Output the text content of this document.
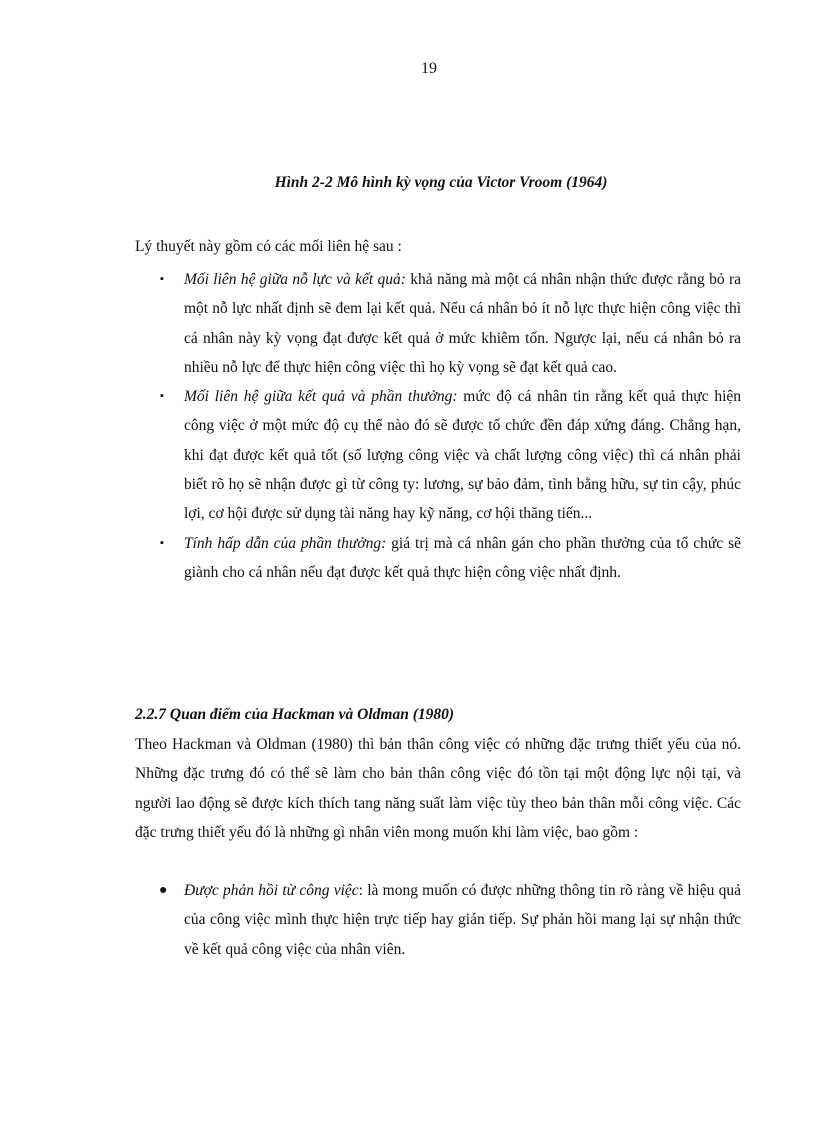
19
Hình 2-2 Mô hình kỳ vọng của Victor Vroom (1964)
Lý thuyết này gồm có các mối liên hệ sau :
▪ Mối liên hệ giữa nỗ lực và kết quả: khả năng mà một cá nhân nhận thức được rằng bỏ ra một nỗ lực nhất định sẽ đem lại kết quả. Nếu cá nhân bỏ ít nỗ lực thực hiện công việc thì cá nhân này kỳ vọng đạt được kết quả ở mức khiêm tốn. Ngược lại, nếu cá nhân bỏ ra nhiều nỗ lực để thực hiện công việc thì họ kỳ vọng sẽ đạt kết quả cao.
▪ Mối liên hệ giữa kết quả và phần thưởng: mức độ cá nhân tin rằng kết quả thực hiện công việc ở một mức độ cụ thể nào đó sẽ được tổ chức đền đáp xứng đáng. Chẳng hạn, khi đạt được kết quả tốt (số lượng công việc và chất lượng công việc) thì cá nhân phải biết rõ họ sẽ nhận được gì từ công ty: lương, sự bảo đảm, tình bằng hữu, sự tin cậy, phúc lợi, cơ hội được sử dụng tài năng hay kỹ năng, cơ hội thăng tiến...
▪ Tính hấp dẫn của phần thưởng: giá trị mà cá nhân gán cho phần thưởng của tổ chức sẽ giành cho cá nhân nếu đạt được kết quả thực hiện công việc nhất định.
2.2.7 Quan điểm của Hackman và Oldman (1980)
Theo Hackman và Oldman (1980) thì bản thân công việc có những đặc trưng thiết yếu của nó. Những đặc trưng đó có thể sẽ làm cho bản thân công việc đó tồn tại một động lực nội tại, và người lao động sẽ được kích thích tang năng suất làm việc tùy theo bản thân mỗi công việc. Các đặc trưng thiết yếu đó là những gì nhân viên mong muốn khi làm việc, bao gồm :
● Được phản hồi từ công việc: là mong muốn có được những thông tin rõ ràng về hiệu quả của công việc mình thực hiện trực tiếp hay gián tiếp. Sự phản hồi mang lại sự nhận thức về kết quả công việc của nhân viên.
